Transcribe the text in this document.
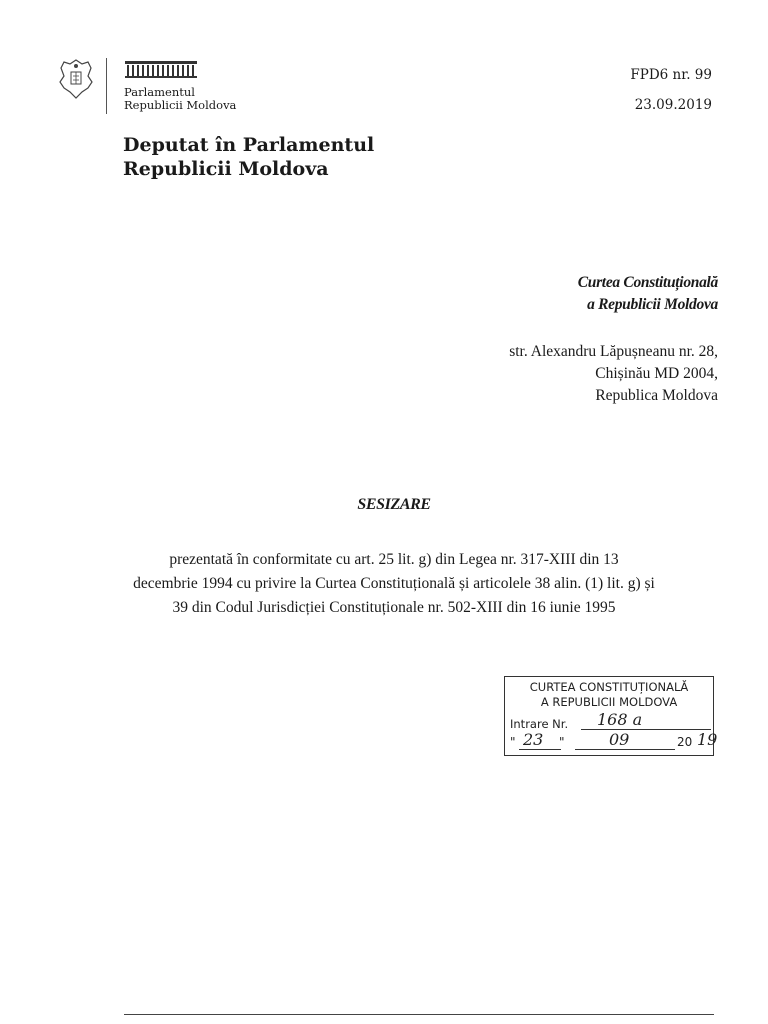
Parlamentul
Republicii Moldova
FPD6 nr. 99
23.09.2019
Deputat în Parlamentul
Republicii Moldova
Curtea Constituțională
a Republicii Moldova
str. Alexandru Lăpușneanu nr. 28,
Chișinău MD 2004,
Republica Moldova
SESIZARE
prezentată în conformitate cu art. 25 lit. g) din Legea nr. 317-XIII din 13
decembrie 1994 cu privire la Curtea Constituțională și articolele 38 alin. (1) lit. g) și
39 din Codul Jurisdicției Constituționale nr. 502-XIII din 16 iunie 1995
CURTEA CONSTITUȚIONALĂ
A REPUBLICII MOLDOVA
Intrare Nr. 168 a
" 23 "	09	20 19
